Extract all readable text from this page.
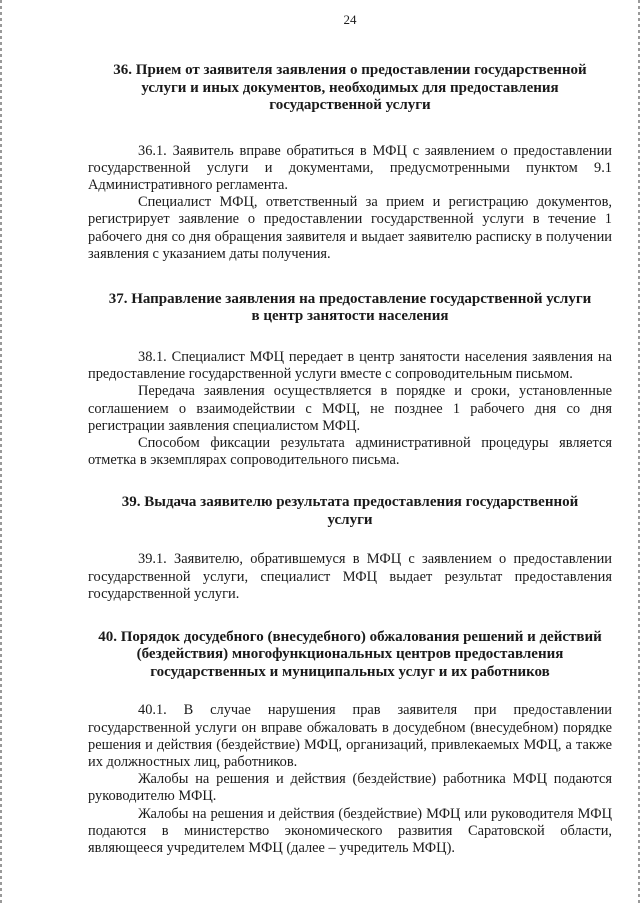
24
36. Прием от заявителя заявления о предоставлении государственной услуги и иных документов, необходимых для предоставления государственной услуги

36.1. Заявитель вправе обратиться в МФЦ с заявлением о предоставлении государственной услуги и документами, предусмотренными пунктом 9.1 Административного регламента.

Специалист МФЦ, ответственный за прием и регистрацию документов, регистрирует заявление о предоставлении государственной услуги в течение 1 рабочего дня со дня обращения заявителя и выдает заявителю расписку в получении заявления с указанием даты получения.

37. Направление заявления на предоставление государственной услуги в центр занятости населения

38.1. Специалист МФЦ передает в центр занятости населения заявления на предоставление государственной услуги вместе с сопроводительным письмом.

Передача заявления осуществляется в порядке и сроки, установленные соглашением о взаимодействии с МФЦ, не позднее 1 рабочего дня со дня регистрации заявления специалистом МФЦ.

Способом фиксации результата административной процедуры является отметка в экземплярах сопроводительного письма.

39. Выдача заявителю результата предоставления государственной услуги

39.1. Заявителю, обратившемуся в МФЦ с заявлением о предоставлении государственной услуги, специалист МФЦ выдает результат предоставления государственной услуги.

40. Порядок досудебного (внесудебного) обжалования решений и действий (бездействия) многофункциональных центров предоставления государственных и муниципальных услуг и их работников

40.1. В случае нарушения прав заявителя при предоставлении государственной услуги он вправе обжаловать в досудебном (внесудебном) порядке решения и действия (бездействие) МФЦ, организаций, привлекаемых МФЦ, а также их должностных лиц, работников.

Жалобы на решения и действия (бездействие) работника МФЦ подаются руководителю МФЦ.

Жалобы на решения и действия (бездействие) МФЦ или руководителя МФЦ подаются в министерство экономического развития Саратовской области, являющееся учредителем МФЦ (далее – учредитель МФЦ).
